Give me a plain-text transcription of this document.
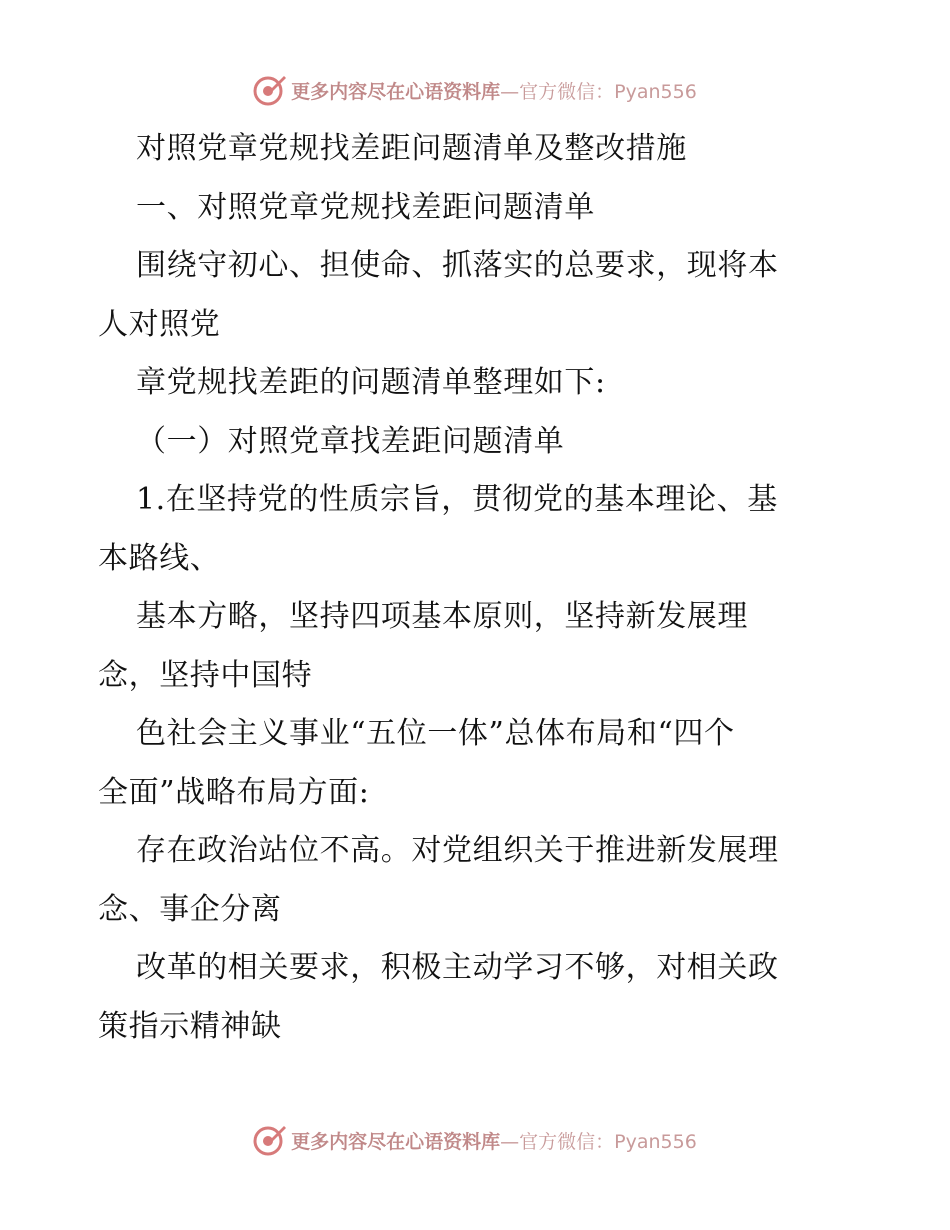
更多内容尽在心语资料库—官方微信：Pyan556
对照党章党规找差距问题清单及整改措施
一、对照党章党规找差距问题清单
围绕守初心、担使命、抓落实的总要求，现将本
人对照党
章党规找差距的问题清单整理如下:
（一）对照党章找差距问题清单
1.在坚持党的性质宗旨，贯彻党的基本理论、基
本路线、
基本方略，坚持四项基本原则，坚持新发展理
念，坚持中国特
色社会主义事业“五位一体”总体布局和“四个
全面”战略布局方面:
存在政治站位不高。对党组织关于推进新发展理
念、事企分离
改革的相关要求，积极主动学习不够，对相关政
策指示精神缺
更多内容尽在心语资料库—官方微信：Pyan556
